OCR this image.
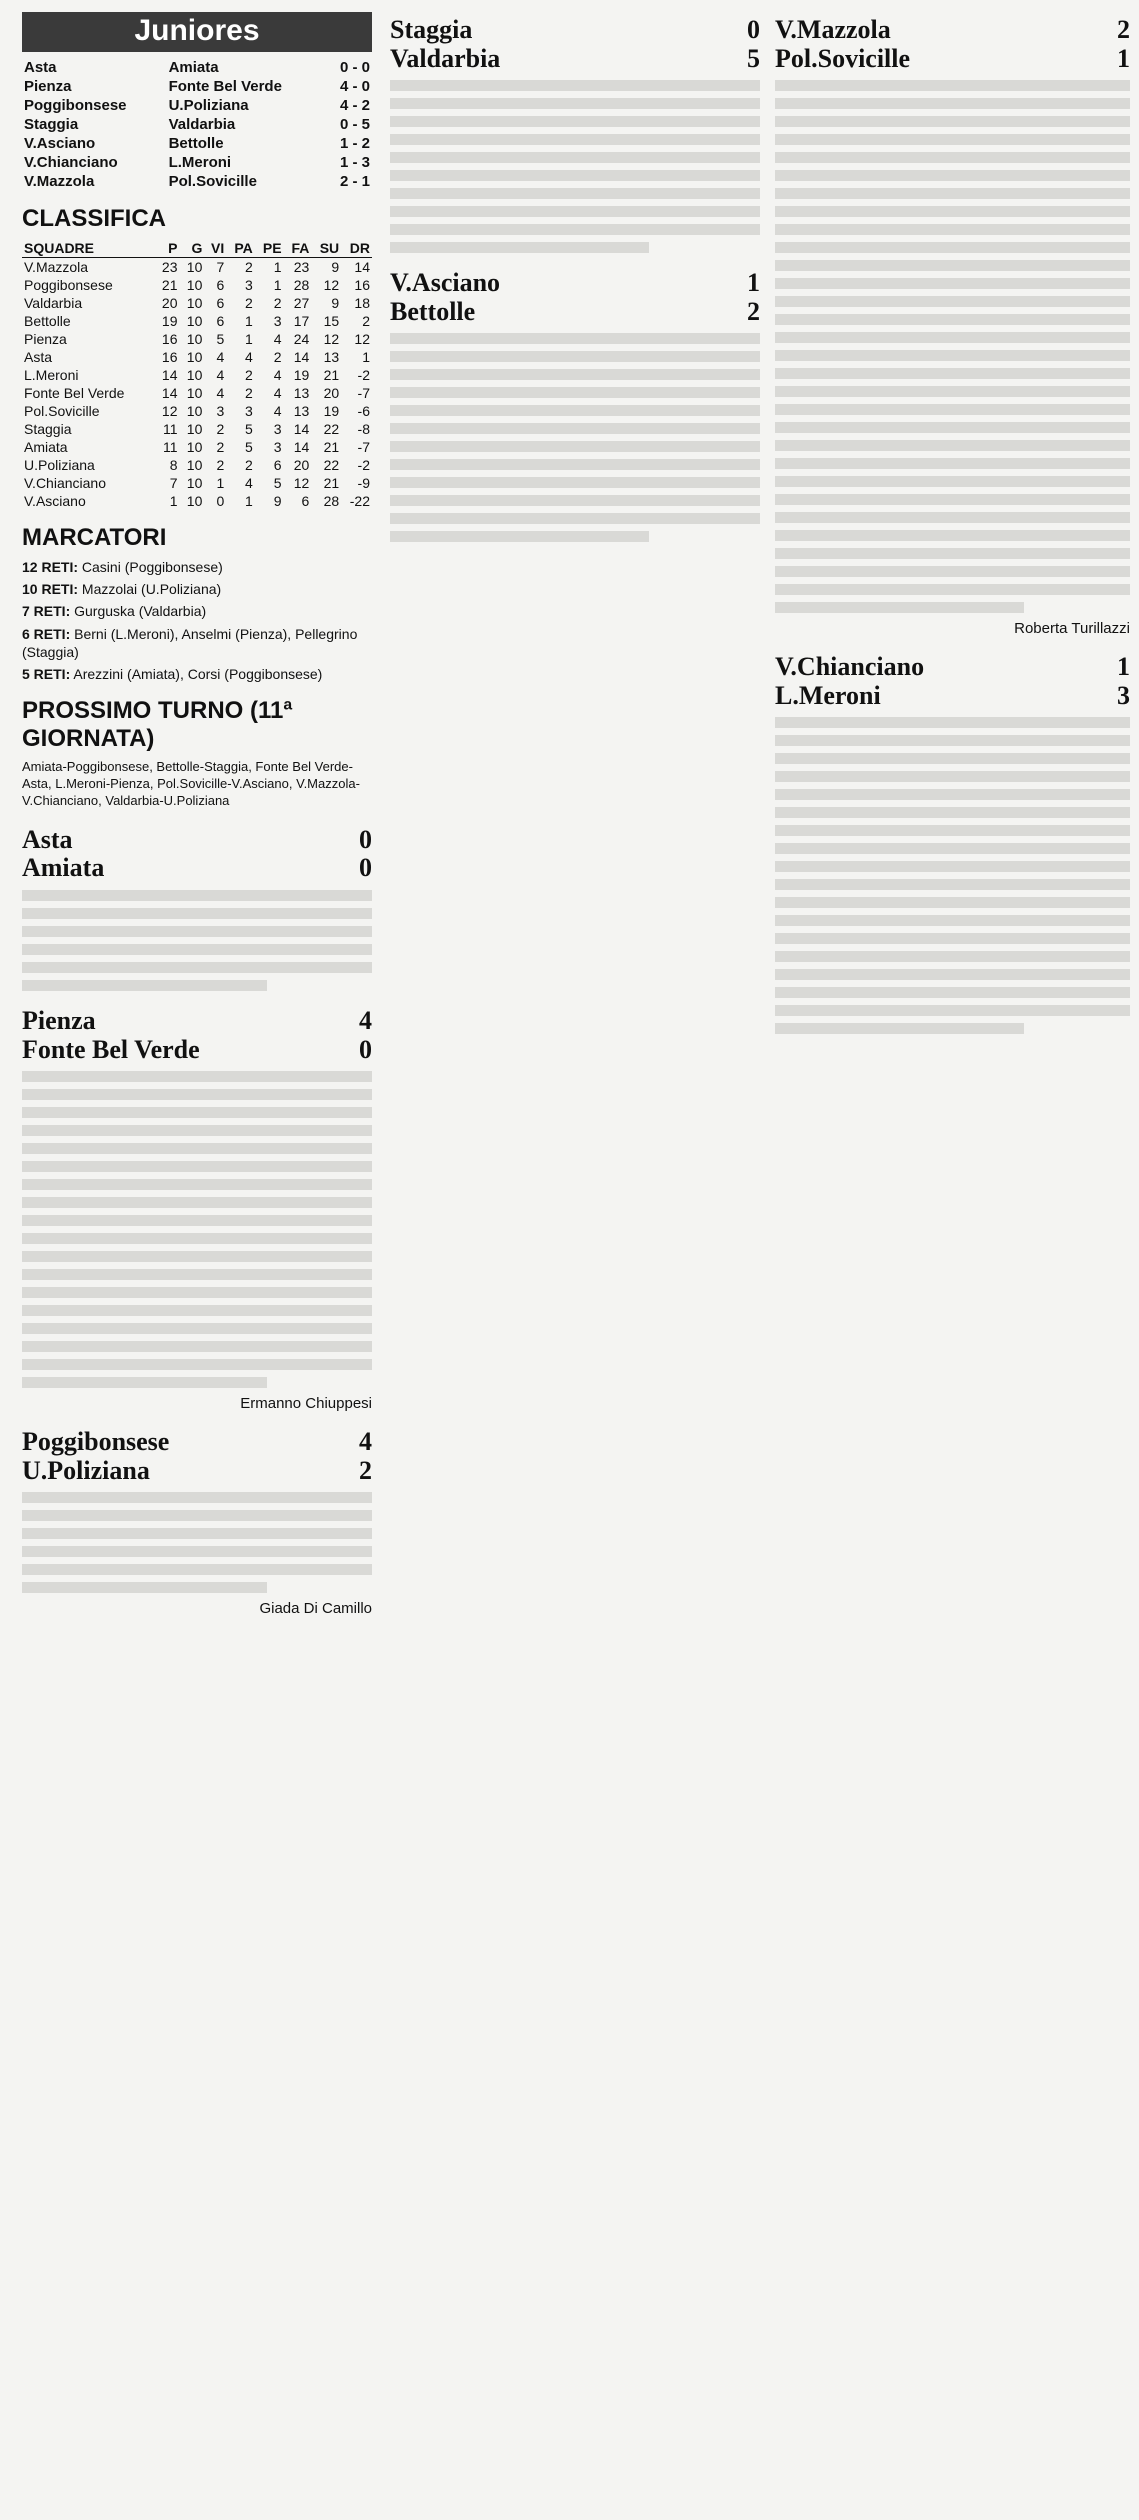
Juniores
Asta	Amiata	0 - 0
Pienza	Fonte Bel Verde	4 - 0
Poggibonsese	U.Poliziana	4 - 2
Staggia	Valdarbia	0 - 5
V.Asciano	Bettolle	1 - 2
V.Chianciano	L.Meroni	1 - 3
V.Mazzola	Pol.Sovicille	2 - 1
CLASSIFICA
SQUADRE	P	G	VI	PA	PE	FA	SU	DR
V.Mazzola	23	10	7	2	1	23	9	14
Poggibonsese	21	10	6	3	1	28	12	16
Valdarbia	20	10	6	2	2	27	9	18
Bettolle	19	10	6	1	3	17	15	2
Pienza	16	10	5	1	4	24	12	12
Asta	16	10	4	4	2	14	13	1
L.Meroni	14	10	4	2	4	19	21	-2
Fonte Bel Verde	14	10	4	2	4	13	20	-7
Pol.Sovicille	12	10	3	3	4	13	19	-6
Staggia	11	10	2	5	3	14	22	-8
Amiata	11	10	2	5	3	14	21	-7
U.Poliziana	8	10	2	2	6	20	22	-2
V.Chianciano	7	10	1	4	5	12	21	-9
V.Asciano	1	10	0	1	9	6	28	-22
MARCATORI
12 RETI: Casini (Poggibonsese)
10 RETI: Mazzolai (U.Poliziana)
7 RETI: Gurguska (Valdarbia)
6 RETI: Berni (L.Meroni), Anselmi (Pienza), Pellegrino (Staggia)
5 RETI: Arezzini (Amiata), Corsi (Poggibonsese)
PROSSIMO TURNO (11ª GIORNATA)
Amiata-Poggibonsese, Bettolle-Staggia, Fonte Bel Verde-Asta, L.Meroni-Pienza, Pol.Sovicille-V.Asciano, V.Mazzola-V.Chianciano, Valdarbia-U.Poliziana
Asta	0
Amiata	0
Pienza	4
Fonte Bel Verde	0
Ermanno Chiuppesi
Poggibonsese	4
U.Poliziana	2
Giada Di Camillo
Staggia	0
Valdarbia	5
V.Asciano	1
Bettolle	2
V.Mazzola	2
Pol.Sovicille	1
Roberta Turillazzi
V.Chianciano	1
L.Meroni	3
